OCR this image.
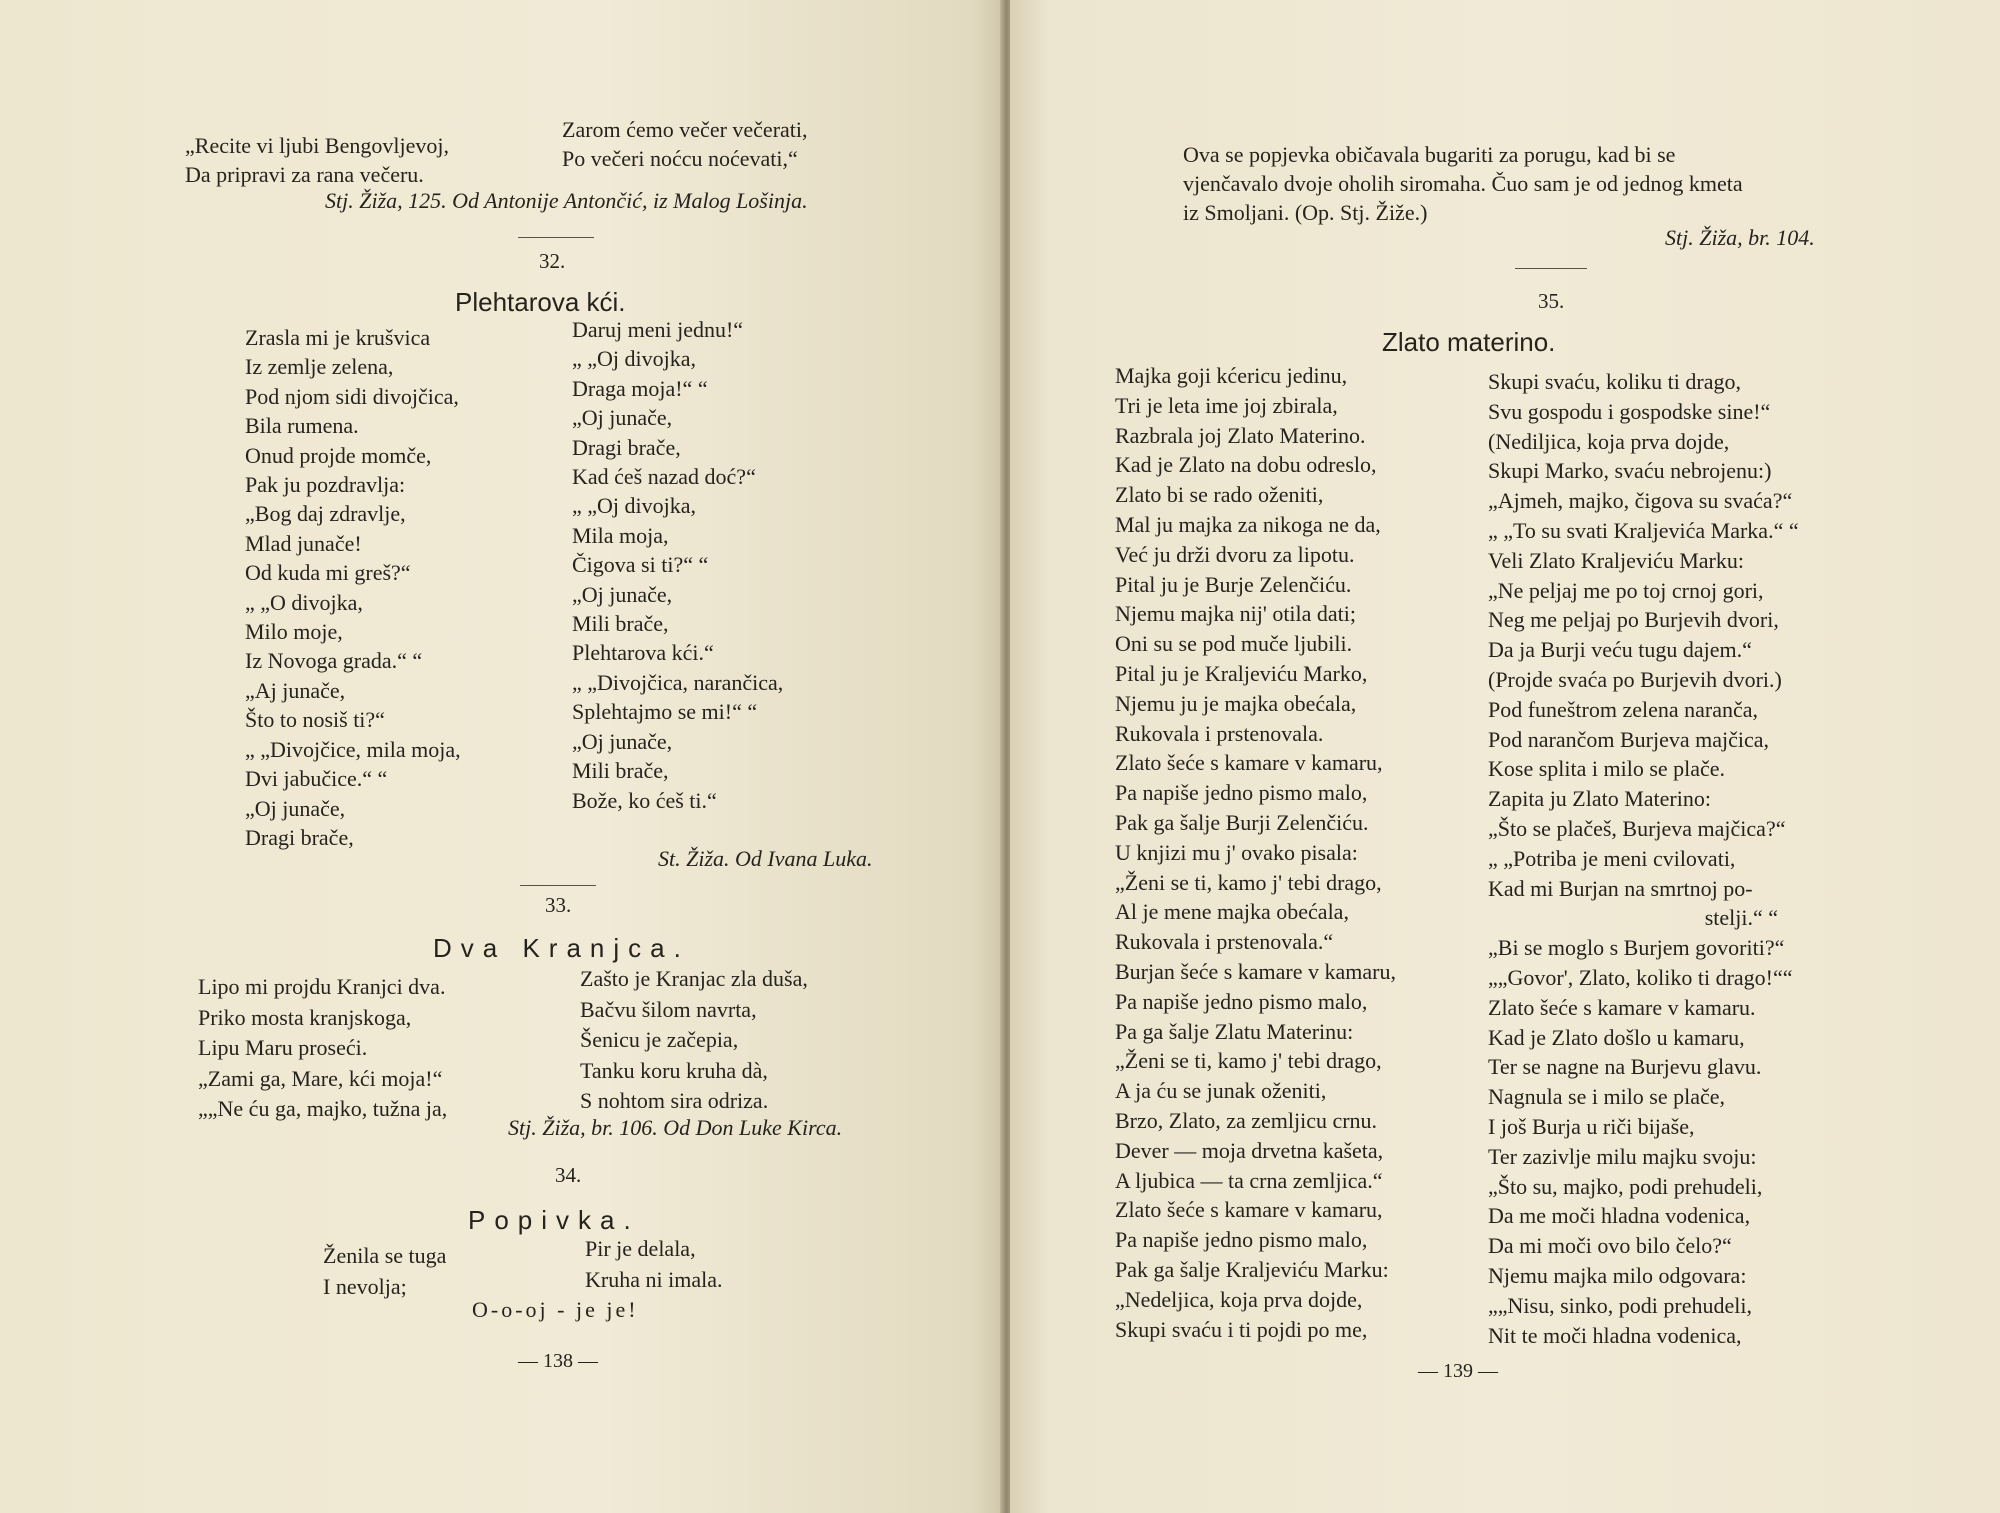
„Recite vi ljubi Bengovljevoj,
Da pripravi za rana večeru.
Zarom ćemo večer večerati,
Po večeri noćcu noćevati,“
Stj. Žiža, 125. Od Antonije Antončić, iz Malog Lošinja.
32.
Plehtarova kći.
Zrasla mi je krušvica
Iz zemlje zelena,
Pod njom sidi divojčica,
Bila rumena.
Onud projde momče,
Pak ju pozdravlja:
„Bog daj zdravlje,
Mlad junače!
Od kuda mi greš?“
„ „O divojka,
Milo moje,
Iz Novoga grada.“ “
„Aj junače,
Što to nosiš ti?“
„ „Divojčice, mila moja,
Dvi jabučice.“ “
„Oj junače,
Dragi brače,
Daruj meni jednu!“
„ „Oj divojka,
Draga moja!“ “
„Oj junače,
Dragi brače,
Kad ćeš nazad doć?“
„ „Oj divojka,
Mila moja,
Čigova si ti?“ “
„Oj junače,
Mili brače,
Plehtarova kći.“
„ „Divojčica, narančica,
Splehtajmo se mi!“ “
„Oj junače,
Mili brače,
Bože, ko ćeš ti.“
St. Žiža. Od Ivana Luka.
33.
Dva Kranjca.
Lipo mi projdu Kranjci dva.
Priko mosta kranjskoga,
Lipu Maru proseći.
„Zami ga, Mare, kći moja!“
„„Ne ću ga, majko, tužna ja,
Zašto je Kranjac zla duša,
Bačvu šilom navrta,
Šenicu je začepia,
Tanku koru kruha dà,
S nohtom sira odriza.
Stj. Žiža, br. 106. Od Don Luke Kirca.
34.
Popivka.
Ženila se tuga
I nevolja;
Pir je delala,
Kruha ni imala.
O-o-oj - je je!
— 138 —
Ova se popjevka običavala bugariti za porugu, kad bi se
vjenčavalo dvoje oholih siromaha. Čuo sam je od jednog kmeta
iz Smoljani. (Op. Stj. Žiže.)
Stj. Žiža, br. 104.
35.
Zlato materino.
Majka goji kćericu jedinu,
Tri je leta ime joj zbirala,
Razbrala joj Zlato Materino.
Kad je Zlato na dobu odreslo,
Zlato bi se rado oženiti,
Mal ju majka za nikoga ne da,
Već ju drži dvoru za lipotu.
Pital ju je Burje Zelenčiću.
Njemu majka nij' otila dati;
Oni su se pod muče ljubili.
Pital ju je Kraljeviću Marko,
Njemu ju je majka obećala,
Rukovala i prstenovala.
Zlato šeće s kamare v kamaru,
Pa napiše jedno pismo malo,
Pak ga šalje Burji Zelenčiću.
U knjizi mu j' ovako pisala:
„Ženi se ti, kamo j' tebi drago,
Al je mene majka obećala,
Rukovala i prstenovala.“
Burjan šeće s kamare v kamaru,
Pa napiše jedno pismo malo,
Pa ga šalje Zlatu Materinu:
„Ženi se ti, kamo j' tebi drago,
A ja ću se junak oženiti,
Brzo, Zlato, za zemljicu crnu.
Dever — moja drvetna kašeta,
A ljubica — ta crna zemljica.“
Zlato šeće s kamare v kamaru,
Pa napiše jedno pismo malo,
Pak ga šalje Kraljeviću Marku:
„Nedeljica, koja prva dojde,
Skupi svaću i ti pojdi po me,
Skupi svaću, koliku ti drago,
Svu gospodu i gospodske sine!“
(Nediljica, koja prva dojde,
Skupi Marko, svaću nebrojenu:)
„Ajmeh, majko, čigova su svaća?“
„ „To su svati Kraljevića Marka.“ “
Veli Zlato Kraljeviću Marku:
„Ne peljaj me po toj crnoj gori,
Neg me peljaj po Burjevih dvori,
Da ja Burji veću tugu dajem.“
(Projde svaća po Burjevih dvori.)
Pod funeštrom zelena naranča,
Pod narančom Burjeva majčica,
Kose splita i milo se plače.
Zapita ju Zlato Materino:
„Što se plačeš, Burjeva majčica?“
„ „Potriba je meni cvilovati,
Kad mi Burjan na smrtnoj po-
stelji.“ “
„Bi se moglo s Burjem govoriti?“
„„Govor', Zlato, koliko ti drago!““
Zlato šeće s kamare v kamaru.
Kad je Zlato došlo u kamaru,
Ter se nagne na Burjevu glavu.
Nagnula se i milo se plače,
I još Burja u riči bijaše,
Ter zazivlje milu majku svoju:
„Što su, majko, podi prehudeli,
Da me moči hladna vodenica,
Da mi moči ovo bilo čelo?“
Njemu majka milo odgovara:
„„Nisu, sinko, podi prehudeli,
Nit te moči hladna vodenica,
— 139 —
